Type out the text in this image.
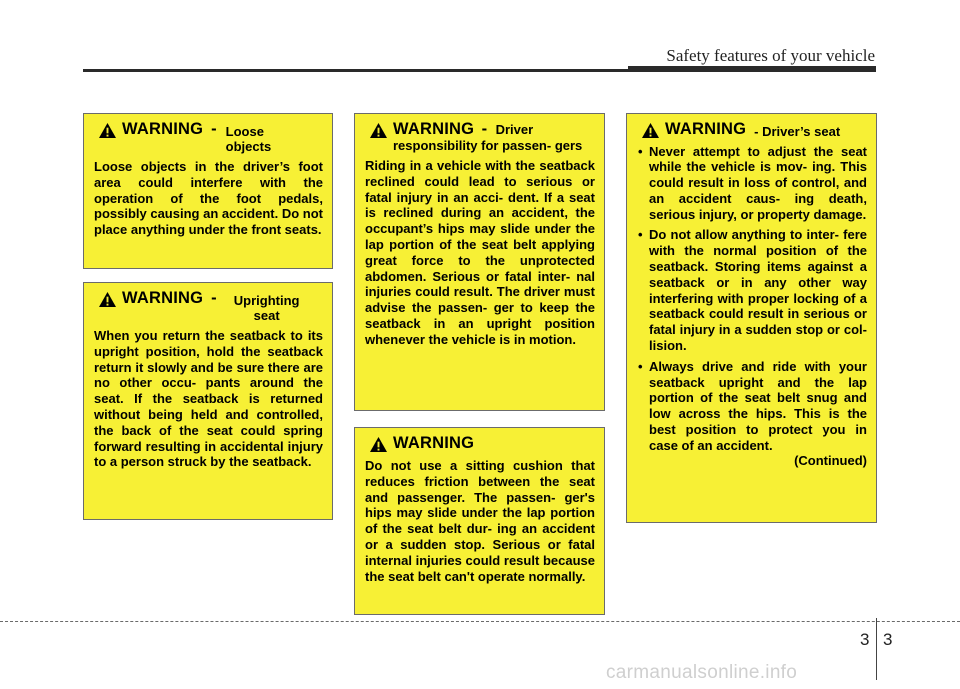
Safety features of your vehicle
WARNING - Loose objects
Loose objects in the driver’s foot area could interfere with the operation of the foot pedals, possibly causing an accident. Do not place anything under the front seats.
WARNING -	Uprighting seat
When you return the seatback to its upright position, hold the seatback return it slowly and be sure there are no other occu- pants around the seat. If the seatback is returned without being held and controlled, the back of the seat could spring forward resulting in accidental injury to a person struck by the seatback.
WARNING - Driver responsibility for passen- gers
Riding in a vehicle with the seatback reclined could lead to serious or fatal injury in an acci- dent. If a seat is reclined during an accident, the occupant’s hips may slide under the lap portion of the seat belt applying great force to the unprotected abdomen. Serious or fatal inter- nal injuries could result. The driver must advise the passen- ger to keep the seatback in an upright position whenever the vehicle is in motion.
WARNING
Do not use a sitting cushion that reduces friction between the seat and passenger. The passen- ger's hips may slide under the lap portion of the seat belt dur- ing an accident or a sudden stop. Serious or fatal internal injuries could result because the seat belt can't operate normally.
WARNING - Driver’s seat
• Never attempt to adjust the seat while the vehicle is mov- ing. This could result in loss of control, and an accident caus- ing death, serious injury, or property damage.
• Do not allow anything to inter- fere with the normal position of the seatback. Storing items against a seatback or in any other way interfering with proper locking of a seatback could result in serious or fatal injury in a sudden stop or col- lision.
• Always drive and ride with your seatback upright and the lap portion of the seat belt snug and low across the hips. This is the best position to protect you in case of an accident.
(Continued)
3 3
carmanualsonline.info
